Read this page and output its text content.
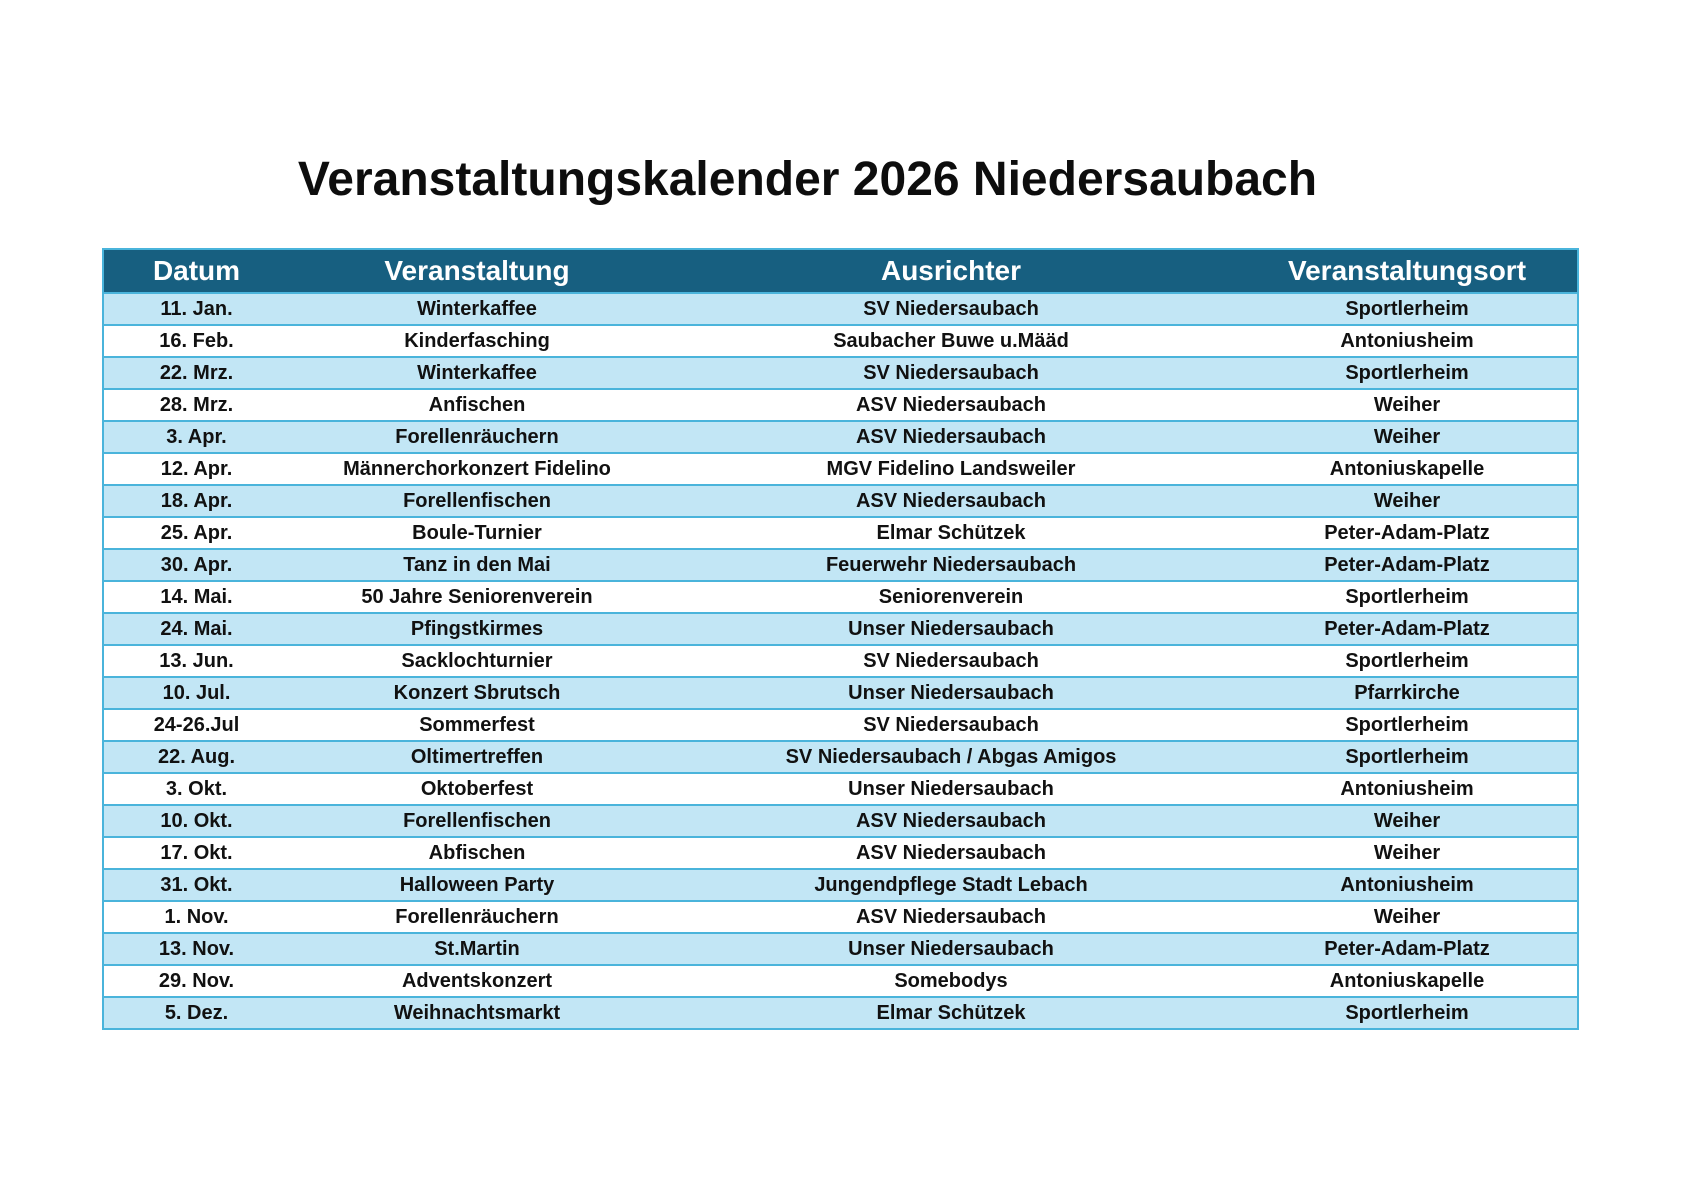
Veranstaltungskalender 2026 Niedersaubach
Datum	Veranstaltung	Ausrichter	Veranstaltungsort
11. Jan.	Winterkaffee	SV Niedersaubach	Sportlerheim
16. Feb.	Kinderfasching	Saubacher Buwe u.Määd	Antoniusheim
22. Mrz.	Winterkaffee	SV Niedersaubach	Sportlerheim
28. Mrz.	Anfischen	ASV Niedersaubach	Weiher
3. Apr.	Forellenräuchern	ASV Niedersaubach	Weiher
12. Apr.	Männerchorkonzert Fidelino	MGV Fidelino Landsweiler	Antoniuskapelle
18. Apr.	Forellenfischen	ASV Niedersaubach	Weiher
25. Apr.	Boule-Turnier	Elmar Schützek	Peter-Adam-Platz
30. Apr.	Tanz in den Mai	Feuerwehr Niedersaubach	Peter-Adam-Platz
14. Mai.	50 Jahre Seniorenverein	Seniorenverein	Sportlerheim
24. Mai.	Pfingstkirmes	Unser Niedersaubach	Peter-Adam-Platz
13. Jun.	Sacklochturnier	SV Niedersaubach	Sportlerheim
10. Jul.	Konzert Sbrutsch	Unser Niedersaubach	Pfarrkirche
24-26.Jul	Sommerfest	SV Niedersaubach	Sportlerheim
22. Aug.	Oltimertreffen	SV Niedersaubach / Abgas Amigos	Sportlerheim
3. Okt.	Oktoberfest	Unser Niedersaubach	Antoniusheim
10. Okt.	Forellenfischen	ASV Niedersaubach	Weiher
17. Okt.	Abfischen	ASV Niedersaubach	Weiher
31. Okt.	Halloween Party	Jungendpflege Stadt Lebach	Antoniusheim
1. Nov.	Forellenräuchern	ASV Niedersaubach	Weiher
13. Nov.	St.Martin	Unser Niedersaubach	Peter-Adam-Platz
29. Nov.	Adventskonzert	Somebodys	Antoniuskapelle
5. Dez.	Weihnachtsmarkt	Elmar Schützek	Sportlerheim
